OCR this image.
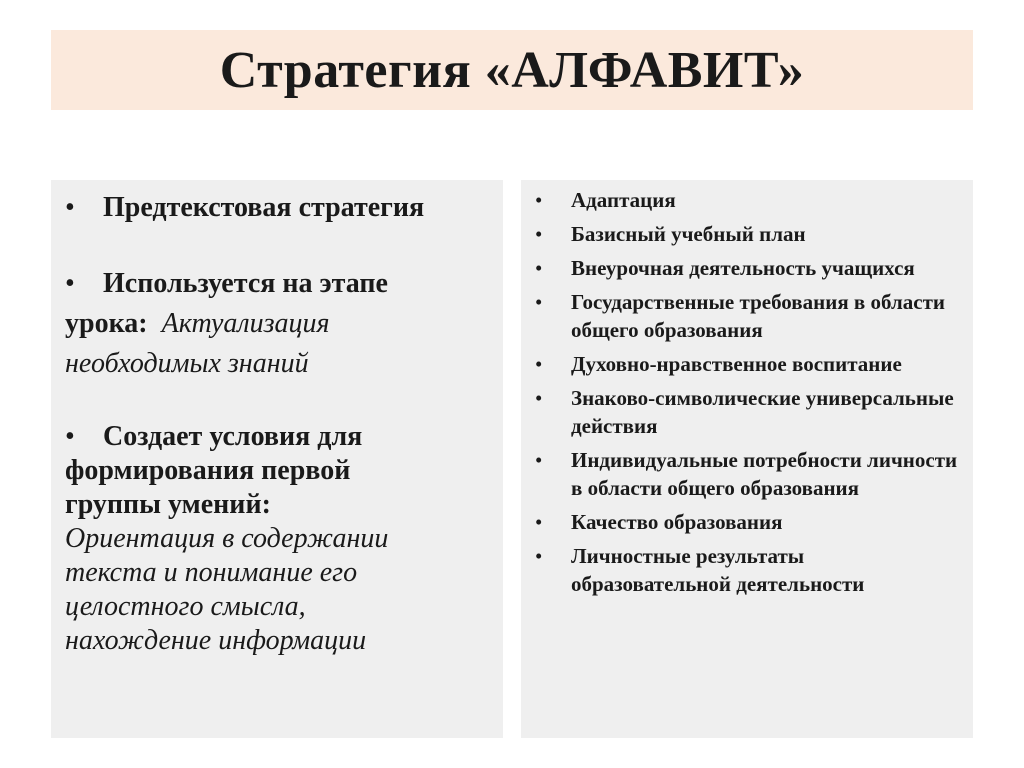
Стратегия «АЛФАВИТ»
• Предтекстовая стратегия
• Используется на этапе
урока: Актуализация
необходимых знаний
• Создает условия для
формирования первой
группы умений:
Ориентация в содержании
текста и понимание его
целостного смысла,
нахождение информации
•	Адаптация
•	Базисный учебный план
•	Внеурочная деятельность учащихся
•	Государственные требования в области общего образования
•	Духовно-нравственное воспитание
•	Знаково-символические универсальные действия
•	Индивидуальные потребности личности в области общего образования
•	Качество образования
•	Личностные результаты образовательной деятельности
